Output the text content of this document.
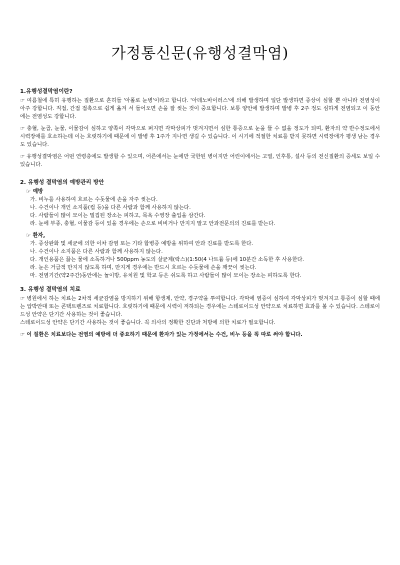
가정통신문(유행성결막염)
1.유행성결막염이란?
☞ 여름철에 특히 유행하는 질환으로 흔히들 '아폴로 눈병'이라고 합니다. '아데노바이러스'에 의해 발생하며 일단 발생하면 증상이 심할 뿐 아니라 전염성이 아주 강합니다. 직접, 간접 접촉으로 쉽게 옮겨 서 들어오면 손을 잘 씻는 것이 중요합니다. 보통 양안에 발생하며 발병 후 2주 정도 심하게 전염되고 이 동안에는 전염성도 강합니다.
☞ 충혈, 눈곱, 눈물, 이물감이 심하고 양쪽이 각막으로 퍼지면 각막상피가 벗겨지면서 심한 통증으로 눈을 뜰 수 없을 정도가 되며, 환자의 약 반수정도에서 시력장애를 호소하는데 이는 흐릿하기에 때문에 이 발병 후 1주가 지나면 생길 수 있습니다. 이 시기에 적절한 치료를 받지 못하면 시력장애가 평생 남는 경우도 있습니다.
☞ 유행성결막염은 어떤 연령층에도 발생할 수 있으며, 어른에서는 눈에만 국한된 병이지만 어린이에서는 고열, 인후통, 설사 등의 전신질환의 증세도 보일 수 있습니다.
2. 유행성 결막염의 예방관리 방안
☞ 예방
가. 비누를 사용하여 흐르는 수돗물에 손을 자주 씻는다.
나. 수건이나 개인 소지품(컵 등)을 다른 사람과 함께 사용하지 않는다.
다. 사람들이 많이 모이는 밀집된 장소는 피하고, 목욕 수영장 출입을 삼간다.
라. 눈에 부종, 충혈, 이물감 등이 있을 경우에는 손으로 비비거나 만지지 말고 안과전문의의 진료를 받는다.
☞ 환자,
가. 증상완화 및 세균에 의한 이차 감염 또는 기타 합병증 예방을 위하여 안과 진료를 받도록 한다.
나. 수건이나 소지품은 다른 사람과 함께 사용하지 않는다.
다. 개인용품은 끓는 물에 소독하거나 500ppm 농도의 살균제(락스)(1:50(4 나트륨 등)에 10분간 소독한 후 사용한다.
라. 눈은 거급적 만지지 않도록 하며, 만지게 경우에는 반드시 흐르는 수돗물에 손을 깨끗이 씻는다.
마. 전염기간(약2주간)동안에는 놀이방, 유치원 및 학교 등은 쉬도록 하고 사람들이 많이 모이는 장소는 피하도록 한다.
3. 유행성 결막염의 치료
☞ 병원에서 하는 치료는 2차적 세균감염을 방지하기 위해 항생제, 안약, 경구약을 투여합니다. 각막에 염증이 심하여 각막상피가 벗겨지고 통증이 심할 때에는 압박안대 또는 콘택트렌즈로 치료합니다. 흐릿하기에 때문에 시력이 저하되는 경우에는 스테로이드성 안약으로 치료하면 효과를 볼 수 있습니다. 스테로이드성 안약은 단기간 사용하는 것이 좋습니다.
스테로이드성 안약은 단기간 사용하는 것이 좋습니다. 꼭 의사의 정확한 진단과 처방에 의한 치료가 필요합니다.
☞ 이 질환은 치료보다는 전염의 예방에 더 중요하기 때문에 환자가 있는 가정에서는 수건, 비누 등을 꼭 따로 써야 합니다.
